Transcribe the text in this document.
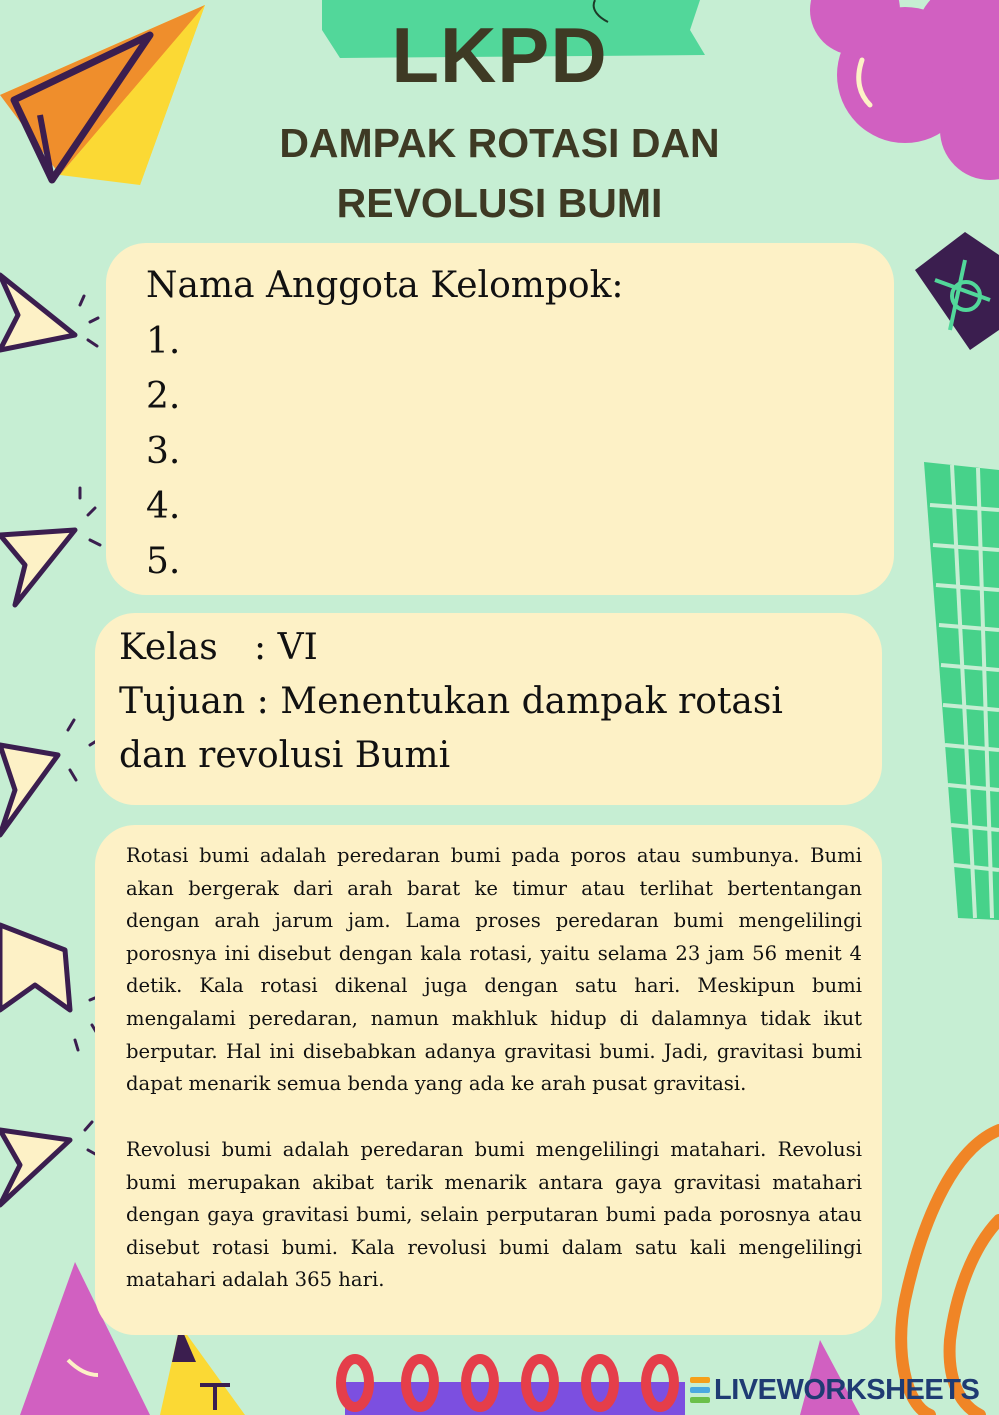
LKPD
DAMPAK ROTASI DAN
REVOLUSI BUMI
Nama Anggota Kelompok:
1.
2.
3.
4.
5.
Kelas : VI
Tujuan : Menentukan dampak rotasi dan revolusi Bumi
Rotasi bumi adalah peredaran bumi pada poros atau sumbunya. Bumi akan bergerak dari arah barat ke timur atau terlihat bertentangan dengan arah jarum jam. Lama proses peredaran bumi mengelilingi porosnya ini disebut dengan kala rotasi, yaitu selama 23 jam 56 menit 4 detik. Kala rotasi dikenal juga dengan satu hari. Meskipun bumi mengalami peredaran, namun makhluk hidup di dalamnya tidak ikut berputar. Hal ini disebabkan adanya gravitasi bumi. Jadi, gravitasi bumi dapat menarik semua benda yang ada ke arah pusat gravitasi.
Revolusi bumi adalah peredaran bumi mengelilingi matahari. Revolusi bumi merupakan akibat tarik menarik antara gaya gravitasi matahari dengan gaya gravitasi bumi, selain perputaran bumi pada porosnya atau disebut rotasi bumi. Kala revolusi bumi dalam satu kali mengelilingi matahari adalah 365 hari.
LIVEWORKSHEETS
